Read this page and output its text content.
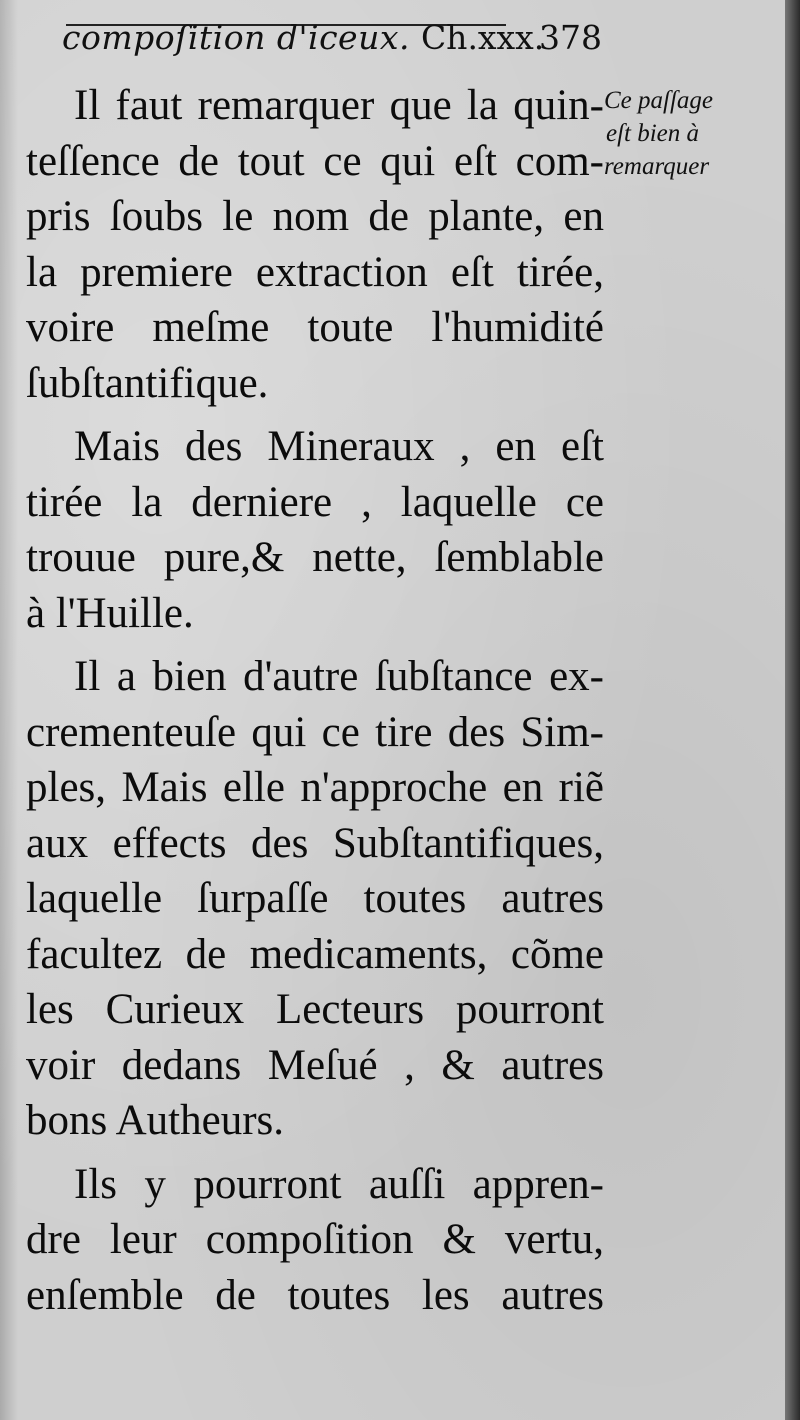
compoſition d'iceux. Ch.xxx.
378
Il faut remarquer que la quin-
teſſence de tout ce qui eſt com-
pris ſoubs le nom de plante, en
la premiere extraction eſt tirée,
voire meſme toute l'humidité
ſubſtantifique.
Mais des Mineraux , en eſt
tirée la derniere , laquelle ce
trouue pure,& nette, ſemblable
à l'Huille.
Il a bien d'autre ſubſtance ex-
crementeuſe qui ce tire des Sim-
ples, Mais elle n'approche en riẽ
aux effects des Subſtantifiques,
laquelle ſurpaſſe toutes autres
facultez de medicaments, cõme
les Curieux Lecteurs pourront
voir dedans Meſué , & autres
bons Autheurs.
Ils y pourront auſſi appren-
dre leur compoſition & vertu,
enſemble de toutes les autres
Ce paſſage
eſt bien à
remarquer
